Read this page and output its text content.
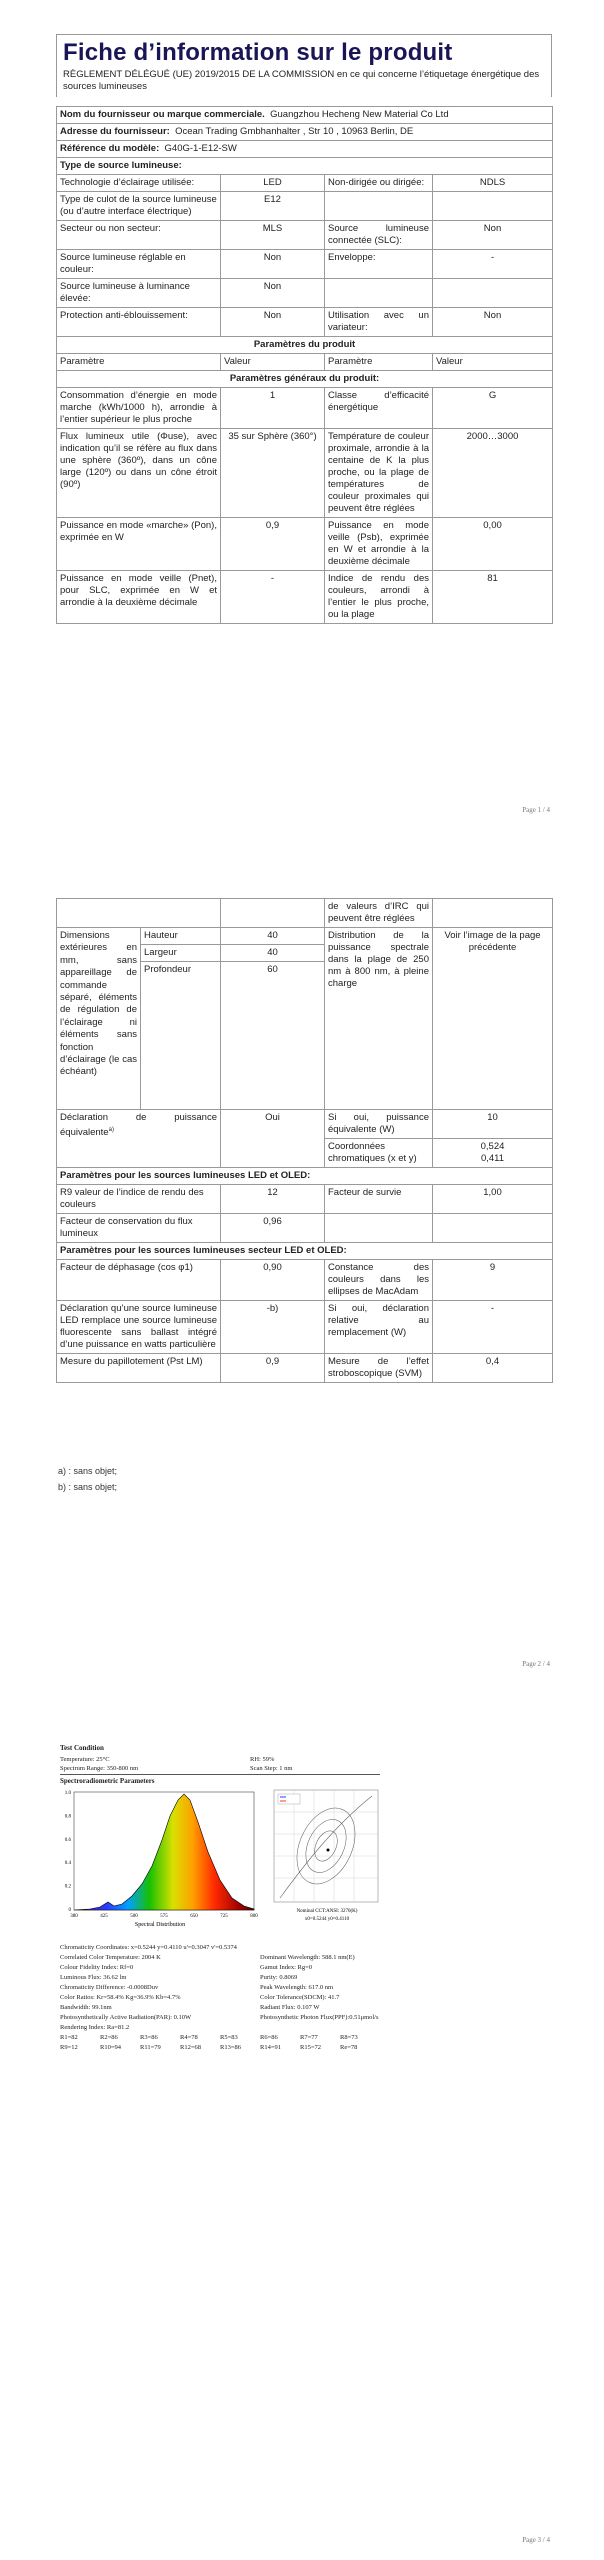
Fiche d’information sur le produit

RÈGLEMENT DÉLÉGUÉ (UE) 2019/2015 DE LA COMMISSION en ce qui concerne l’étiquetage énergétique des sources lumineuses

Nom du fournisseur ou marque commerciale. Guangzhou Hecheng New Material Co Ltd			
Adresse du fournisseur: Ocean Trading Gmbhanhalter , Str 10 , 10963 Berlin, DE			
Référence du modèle: G40G-1-E12-SW			
Type de source lumineuse:			
Technologie d’éclairage utilisée:	LED	Non-dirigée ou dirigée:	NDLS
Type de culot de la source lumineuse (ou d’autre interface électrique)	E12		
Secteur ou non secteur:	MLS	Source lumineuse connectée (SLC):	Non
Source lumineuse réglable en couleur:	Non	Enveloppe:	-
Source lumineuse à luminance élevée:	Non		
Protection anti-éblouissement:	Non	Utilisation avec un variateur:	Non
Paramètres du produit			
Paramètre	Valeur	Paramètre	Valeur
Paramètres généraux du produit:			
Consommation d’énergie en mode marche (kWh/1000 h), arrondie à l’entier supérieur le plus proche	1	Classe d’efficacité énergétique	G
Flux lumineux utile (Φuse), avec indication qu’il se réfère au flux dans une sphère (360º), dans un cône large (120º) ou dans un cône étroit (90º)	35 sur Sphère (360°)	Température de couleur proximale, arrondie à la centaine de K la plus proche, ou la plage de températures de couleur proximales qui peuvent être réglées	2000…3000
Puissance en mode «marche» (Pon), exprimée en W	0,9	Puissance en mode veille (Psb), exprimée en W et arrondie à la deuxième décimale	0,00
Puissance en mode veille (Pnet), pour SLC, exprimée en W et arrondie à la deuxième décimale	-	Indice de rendu des couleurs, arrondi à l’entier le plus proche, ou la plage	81
Page 1 / 4
			de valeurs d’IRC qui peuvent être réglées	
Dimensions extérieures en mm, sans appareillage de commande séparé, éléments de régulation de l’éclairage ni éléments sans fonction d’éclairage (le cas échéant)	Hauteur	40	Distribution de la puissance spectrale dans la plage de 250 nm à 800 nm, à pleine charge	Voir l’image de la page précédente
	Largeur	40		
	Profondeur	60		
Déclaration de puissance équivalente$^{a)}$		Oui	Si oui, puissance équivalente (W)	10
			Coordonnées chromatiques (x et y)	0,524
0,411

Paramètres pour les sources lumineuses LED et OLED:				
R9 valeur de l’indice de rendu des couleurs		12	Facteur de survie	1,00
Facteur de conservation du flux lumineux		0,96		
Paramètres pour les sources lumineuses secteur LED et OLED:				
Facteur de déphasage (cos φ1)		0,90	Constance des couleurs dans les ellipses de MacAdam	9
Déclaration qu’une source lumineuse LED remplace une source lumineuse fluorescente sans ballast intégré d’une puissance en watts particulière		-b)	Si oui, déclaration relative au remplacement (W)	-
Mesure du papillotement (Pst LM)		0,9	Mesure de l’effet stroboscopique (SVM)	0,4
a) : sans objet;
b) : sans objet;
Page 2 / 4
Test Condition
Temperature: 25°C	RH: 59%
Spectrum Range: 350-800 nm	Scan Step: 1 nm
Spectroradiometric Parameters
380	425	500	575	650	725	800
1.0
0.8
0.6
0.4
0.2
0
Spectral Distribution
Nominal CCT:ANSI: 3270(K)
x0=0.5244 y0=0.4110
Chromaticity Coordinates: x=0.5244 y=0.4110 u'=0.3047 v'=0.5374
Correlated Color Temperature: 2004 K
Colour Fidelity Index: Rf=0
Luminous Flux: 36.62 lm
Chromaticity Difference: -0.0008Duv
Color Ratios: Kr=58.4% Kg=36.9% Kb=4.7%
Bandwidth: 99.1nm
Photosynthetically Active Radiation(PAR): 0.10W
Rendering Index: Ra=81.2
Dominant Wavelength: 588.1 nm(E)
Gamut Index: Rg=0
Purity: 0.8069
Peak Wavelength: 617.0 nm
Color Tolerance(SDCM): 41.7
Radiant Flux: 0.107 W
Photosynthetic Photon Flux(PPF):0.51μmol/s
R1=82	R2=86	R3=86	R4=78	R5=83	R6=86	R7=77	R8=73
R9=12	R10=94	R11=79	R12=68	R13=86	R14=91	R15=72	Re=78
Page 3 / 4
